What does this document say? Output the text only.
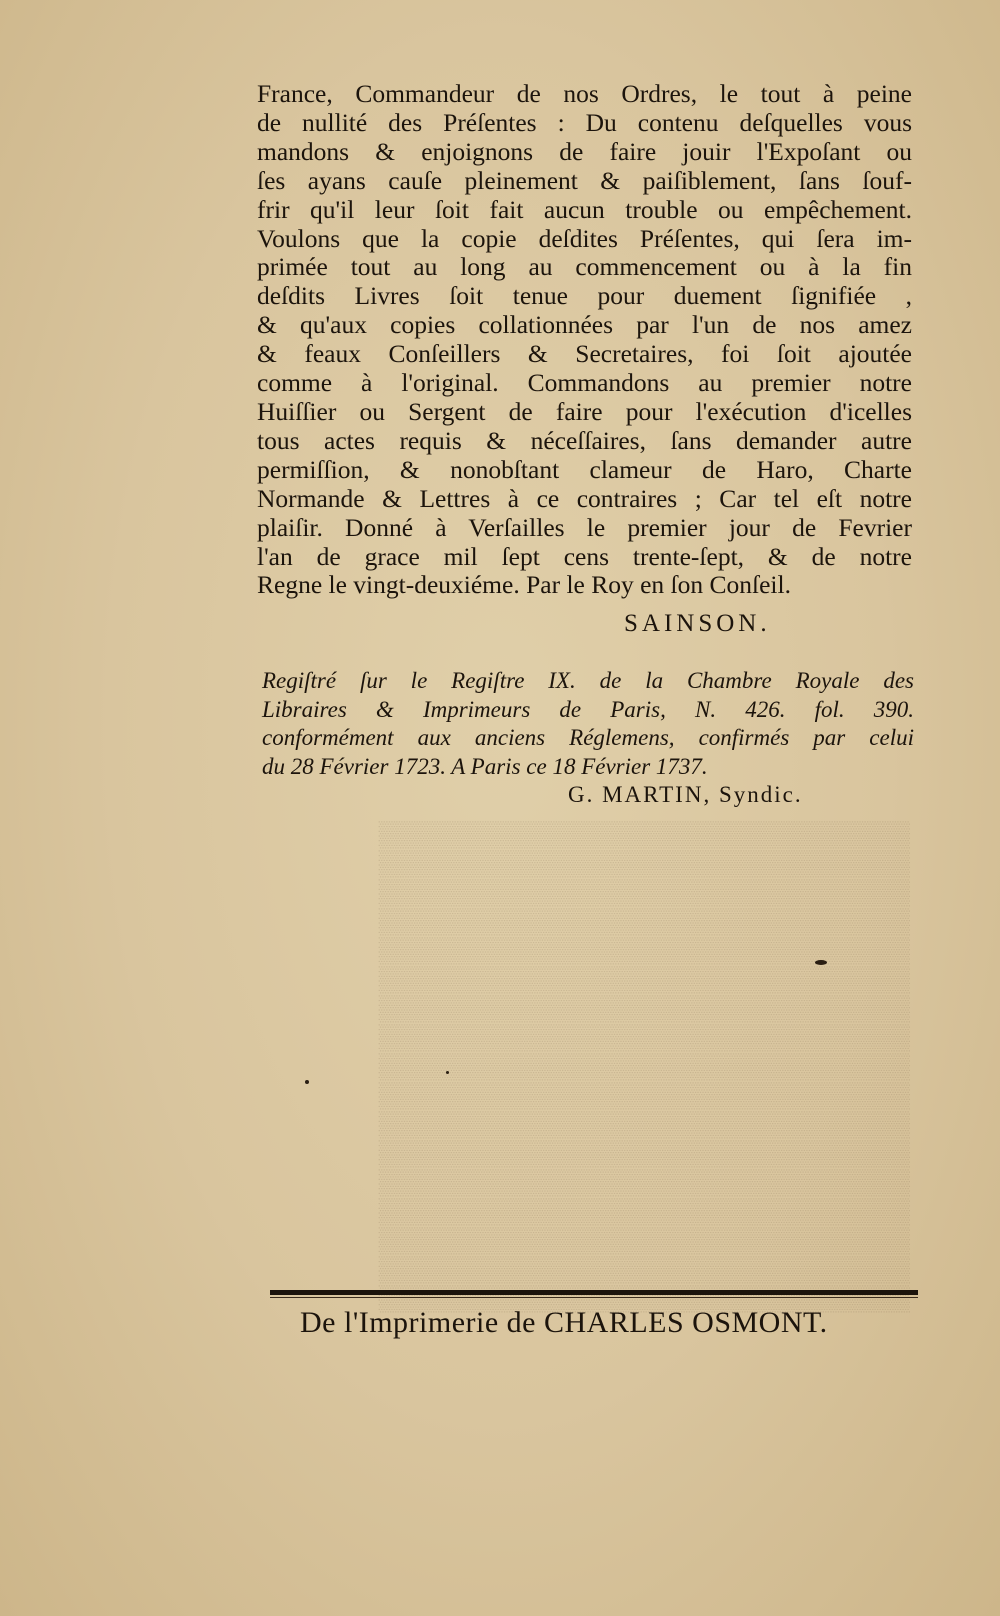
▒▒▒▒▒▒▒▒▒▒▒▒▒▒▒▒▒▒▒▒▒▒▒▒▒▒▒▒▒▒
▒▒▒▒▒▒▒▒▒▒▒▒▒▒▒▒▒▒▒▒▒▒▒▒▒▒▒▒▒▒
▒▒▒▒▒▒▒▒▒▒▒▒▒▒▒▒▒▒▒▒▒▒▒▒▒▒▒▒▒▒
▒▒▒▒▒▒▒▒▒▒▒▒▒▒▒▒▒▒▒▒▒▒▒▒▒▒▒▒▒▒
▒▒▒▒▒▒▒▒▒▒▒▒▒▒▒▒▒▒▒▒▒▒▒▒▒▒▒▒▒▒
▒▒▒▒▒▒▒▒▒▒▒▒▒▒▒▒▒▒▒▒▒▒▒▒▒▒▒▒▒▒
▒▒▒▒▒▒▒▒▒▒▒▒▒▒▒▒▒▒▒▒▒▒▒▒▒▒▒▒▒▒
▒▒▒▒▒▒▒▒▒▒▒▒▒▒▒▒▒▒▒▒▒▒▒▒▒▒▒▒▒▒
▒▒▒▒▒▒▒▒▒▒▒▒▒▒▒▒▒▒▒▒▒▒▒▒▒▒▒▒▒▒
▒▒▒▒▒▒▒▒▒▒▒▒▒▒▒▒▒▒▒▒▒▒▒▒▒▒▒▒▒▒
▒▒▒▒▒▒▒▒▒▒▒▒▒▒▒▒▒▒▒▒▒▒▒▒▒▒▒▒▒▒
▒▒▒▒▒▒▒▒▒▒▒▒▒▒▒▒▒▒▒▒▒▒▒▒▒▒▒▒▒▒
▒▒▒▒▒▒▒▒▒▒▒▒▒▒▒▒▒▒▒▒▒▒▒▒▒▒▒▒▒▒
▒▒▒▒▒▒▒▒▒▒▒▒▒▒▒▒▒▒▒▒▒▒▒▒▒▒▒▒▒▒
▒▒▒▒▒▒▒▒▒▒▒▒▒▒▒▒▒▒▒▒▒▒▒▒▒▒▒▒▒▒
▒▒▒▒▒▒▒▒▒▒▒▒▒▒▒▒▒▒▒▒▒▒▒▒▒▒▒▒▒▒
▒▒▒▒▒▒▒▒▒▒▒▒▒▒▒▒▒▒▒▒▒▒▒▒▒▒▒▒▒▒
France, Commandeur de nos Ordres, le tout à peine
de nullité des Préſentes : Du contenu deſquelles vous
mandons & enjoignons de faire jouir l'Expoſant ou
ſes ayans cauſe pleinement & paiſiblement, ſans ſouf-
frir qu'il leur ſoit fait aucun trouble ou empêchement.
Voulons que la copie deſdites Préſentes, qui ſera im-
primée tout au long au commencement ou à la fin
deſdits Livres ſoit tenue pour duement ſignifiée ,
& qu'aux copies collationnées par l'un de nos amez
& feaux Conſeillers & Secretaires, foi ſoit ajoutée
comme à l'original. Commandons au premier notre
Huiſſier ou Sergent de faire pour l'exécution d'icelles
tous actes requis & néceſſaires, ſans demander autre
permiſſion, & nonobſtant clameur de Haro, Charte
Normande & Lettres à ce contraires ; Car tel eſt notre
plaiſir. Donné à Verſailles le premier jour de Fevrier
l'an de grace mil ſept cens trente-ſept, & de notre
Regne le vingt-deuxiéme. Par le Roy en ſon Conſeil.
SAINSON.
Regiſtré ſur le Regiſtre IX. de la Chambre Royale des
Libraires & Imprimeurs de Paris, N. 426. fol. 390.
conformément aux anciens Réglemens, confirmés par celui
du 28 Février 1723. A Paris ce 18 Février 1737.
G. MARTIN, Syndic.
De l'Imprimerie de CHARLES OSMONT.
